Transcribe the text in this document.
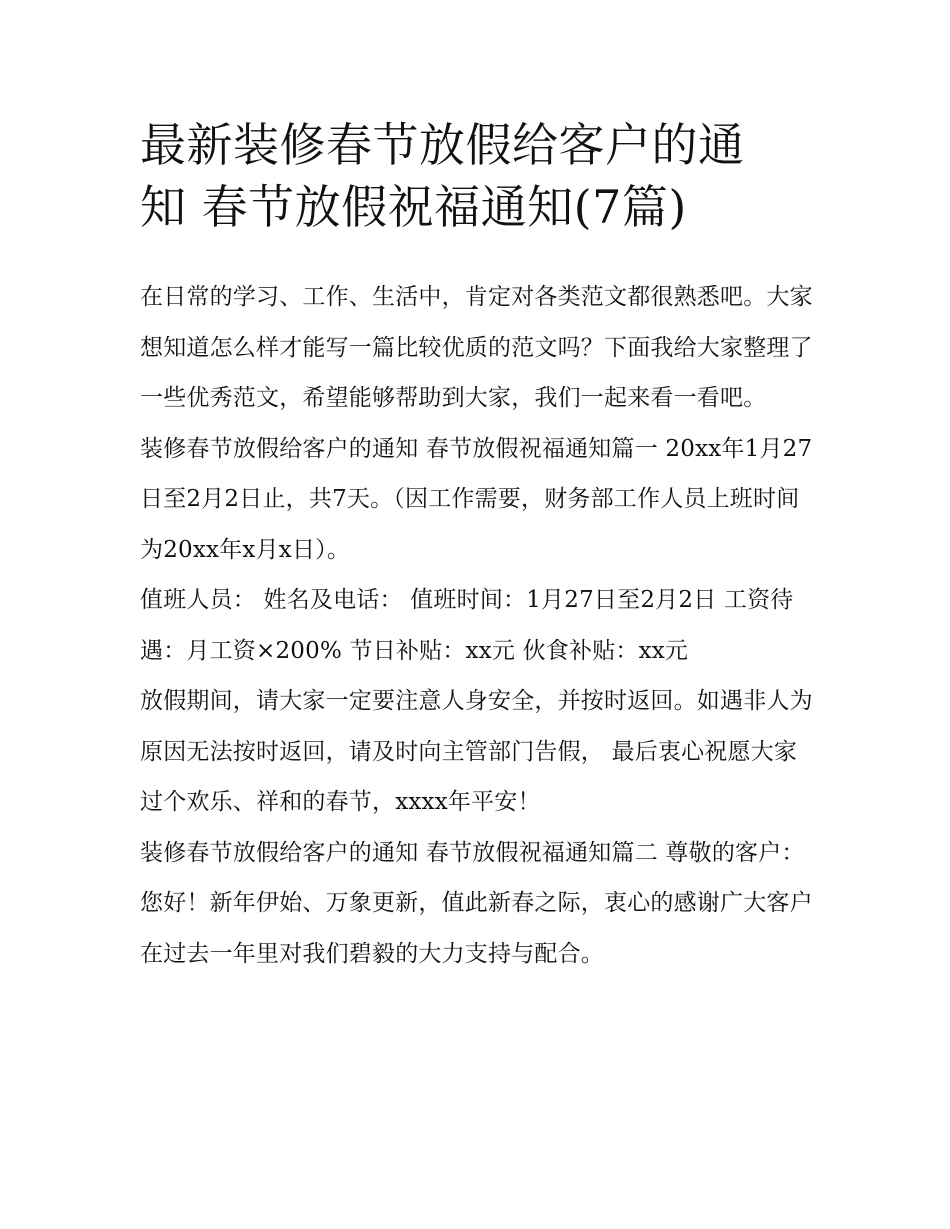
最新装修春节放假给客户的通
知 春节放假祝福通知(7篇)

在日常的学习、工作、生活中，肯定对各类范文都很熟悉吧。大家想知道怎么样才能写一篇比较优质的范文吗？下面我给大家整理了一些优秀范文，希望能够帮助到大家，我们一起来看一看吧。

装修春节放假给客户的通知 春节放假祝福通知篇一 20xx年1月27日至2月2日止，共7天。（因工作需要，财务部工作人员上班时间为20xx年x月x日）。

值班人员： 姓名及电话： 值班时间：1月27日至2月2日 工资待遇：月工资×200% 节日补贴：xx元 伙食补贴：xx元

放假期间，请大家一定要注意人身安全，并按时返回。如遇非人为原因无法按时返回，请及时向主管部门告假， 最后衷心祝愿大家过个欢乐、祥和的春节，xxxx年平安！

装修春节放假给客户的通知 春节放假祝福通知篇二 尊敬的客户：

您好！新年伊始、万象更新，值此新春之际，衷心的感谢广大客户在过去一年里对我们碧毅的大力支持与配合。
